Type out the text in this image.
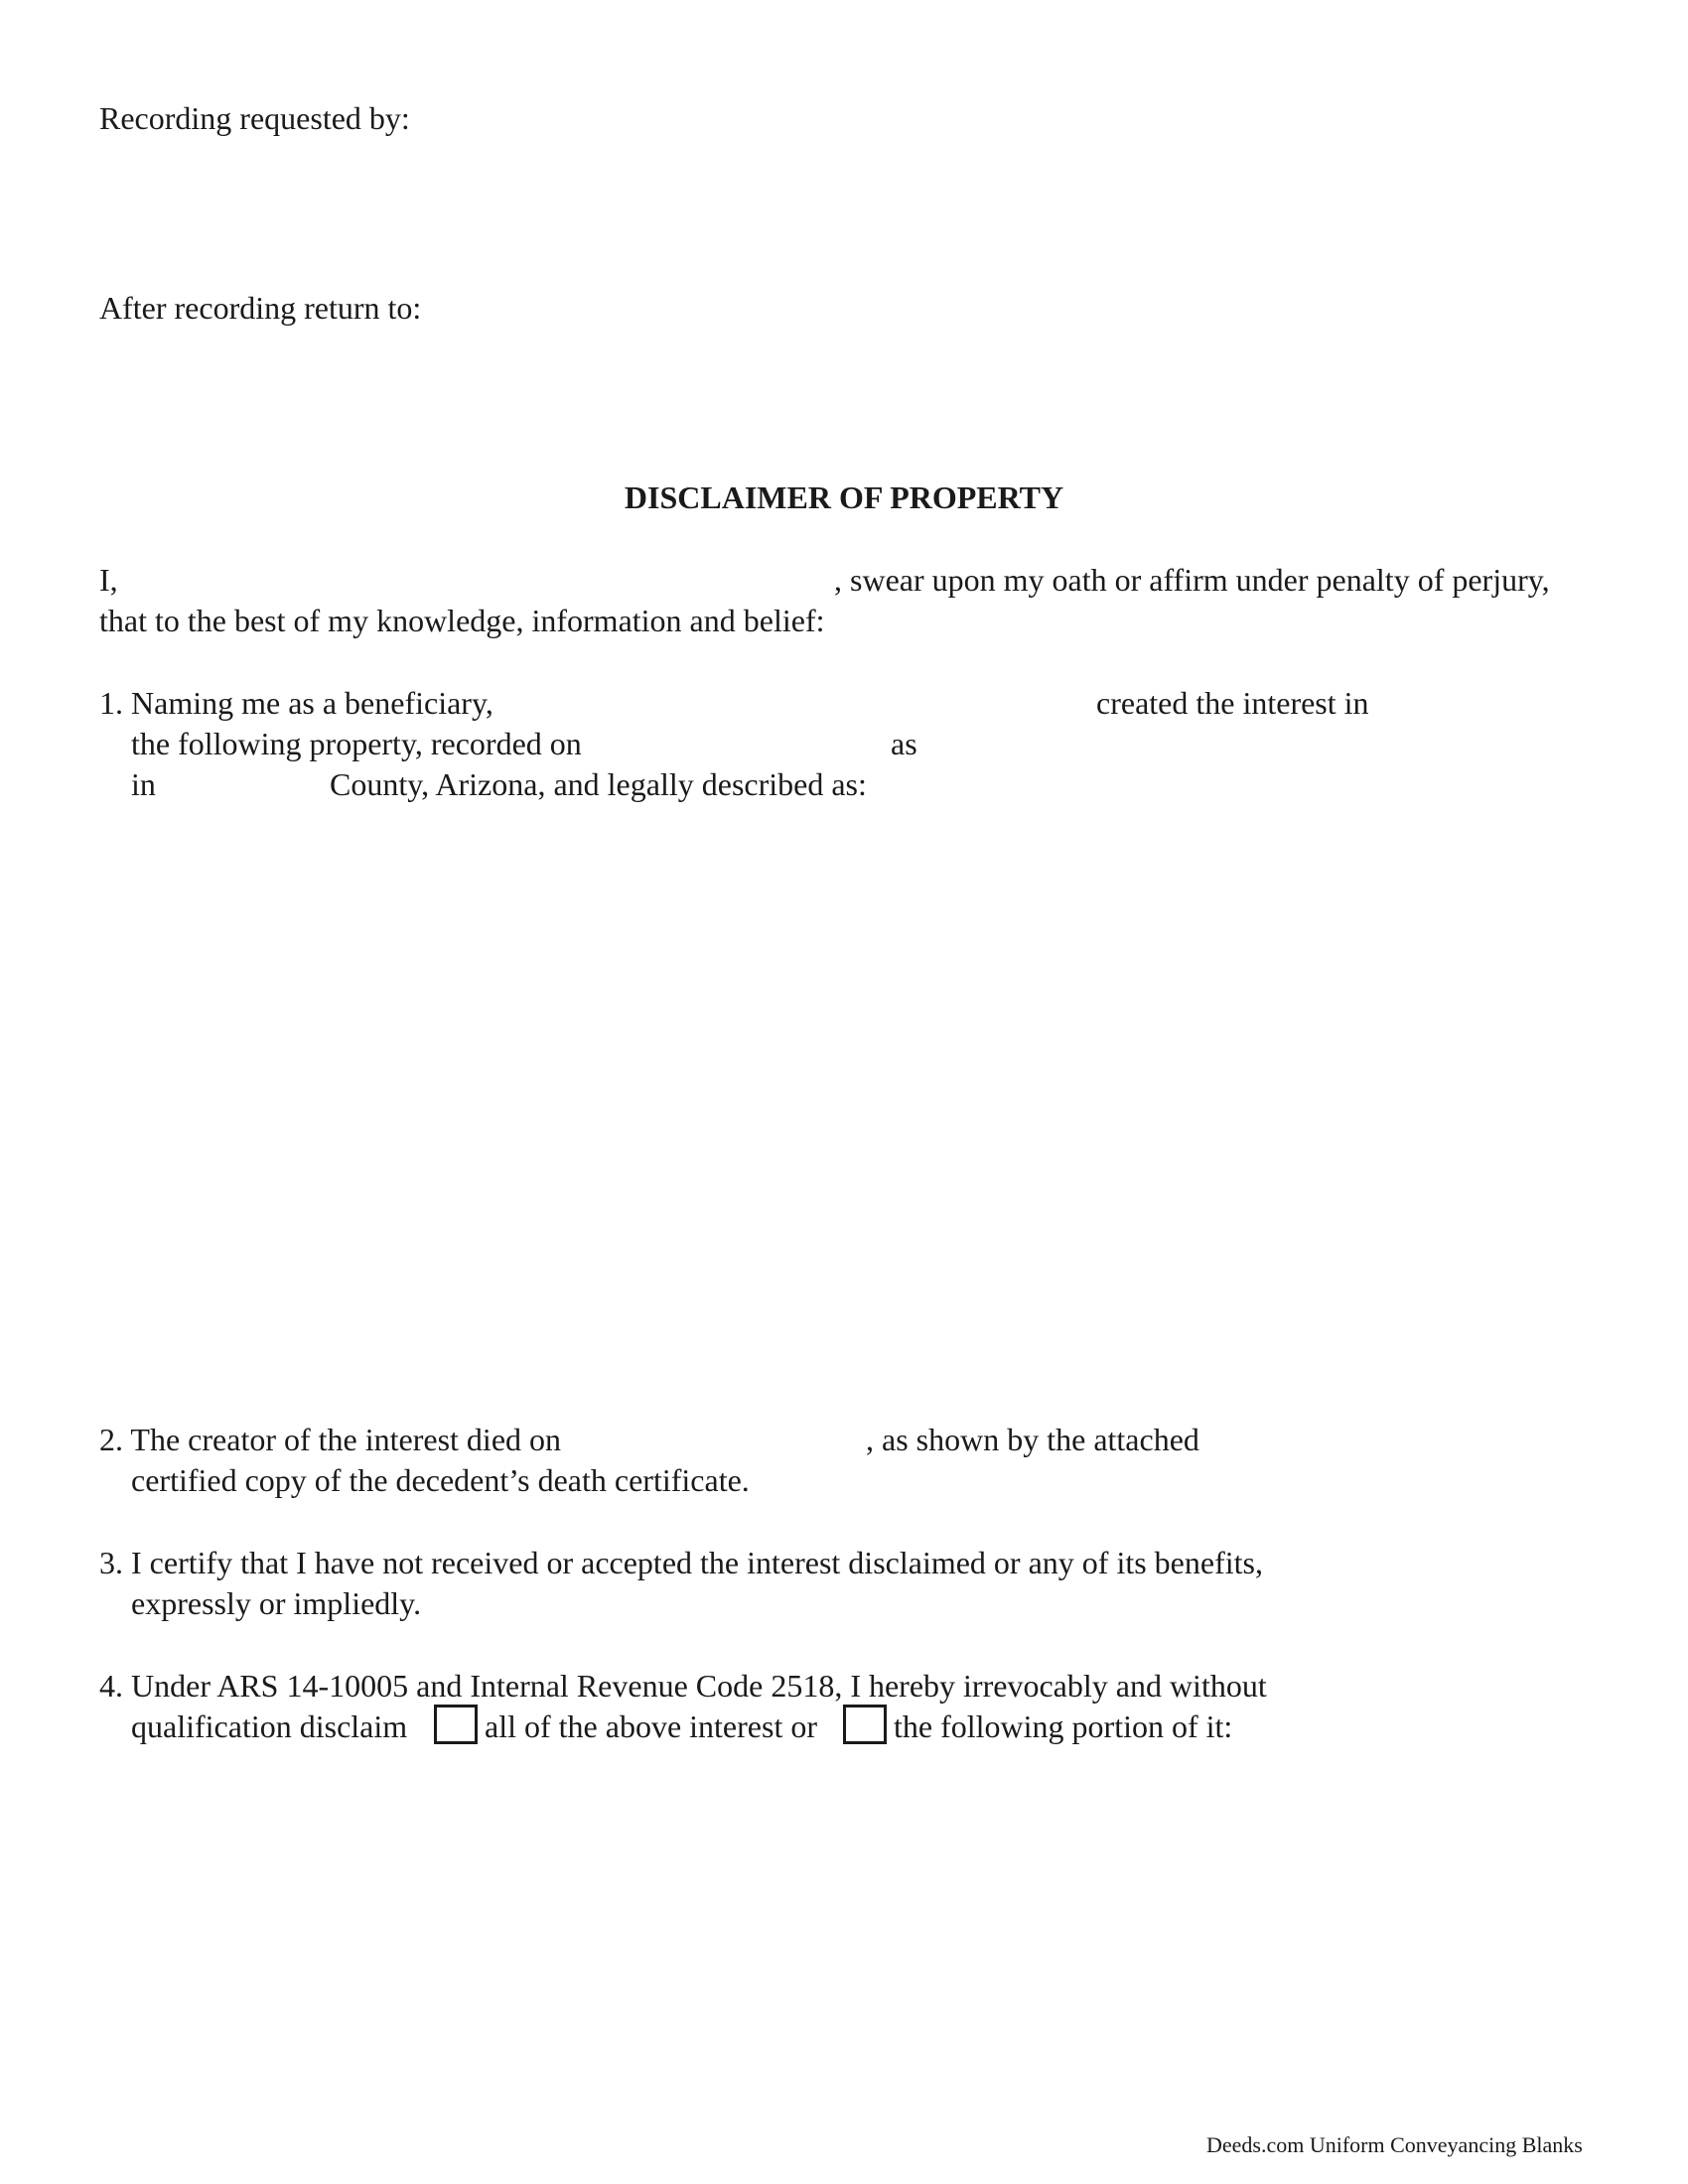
Recording requested by:
After recording return to:
DISCLAIMER OF PROPERTY
I,	, swear upon my oath or affirm under penalty of perjury,
that to the best of my knowledge, information and belief:
1. Naming me as a beneficiary,	created the interest in
the following property, recorded on	as
in	County, Arizona, and legally described as:
2. The creator of the interest died on	, as shown by the attached
certified copy of the decedent’s death certificate.
3. I certify that I have not received or accepted the interest disclaimed or any of its benefits,
expressly or impliedly.
4. Under ARS 14-10005 and Internal Revenue Code 2518, I hereby irrevocably and without
qualification disclaim all of the above interest or the following portion of it:
Deeds.com Uniform Conveyancing Blanks
